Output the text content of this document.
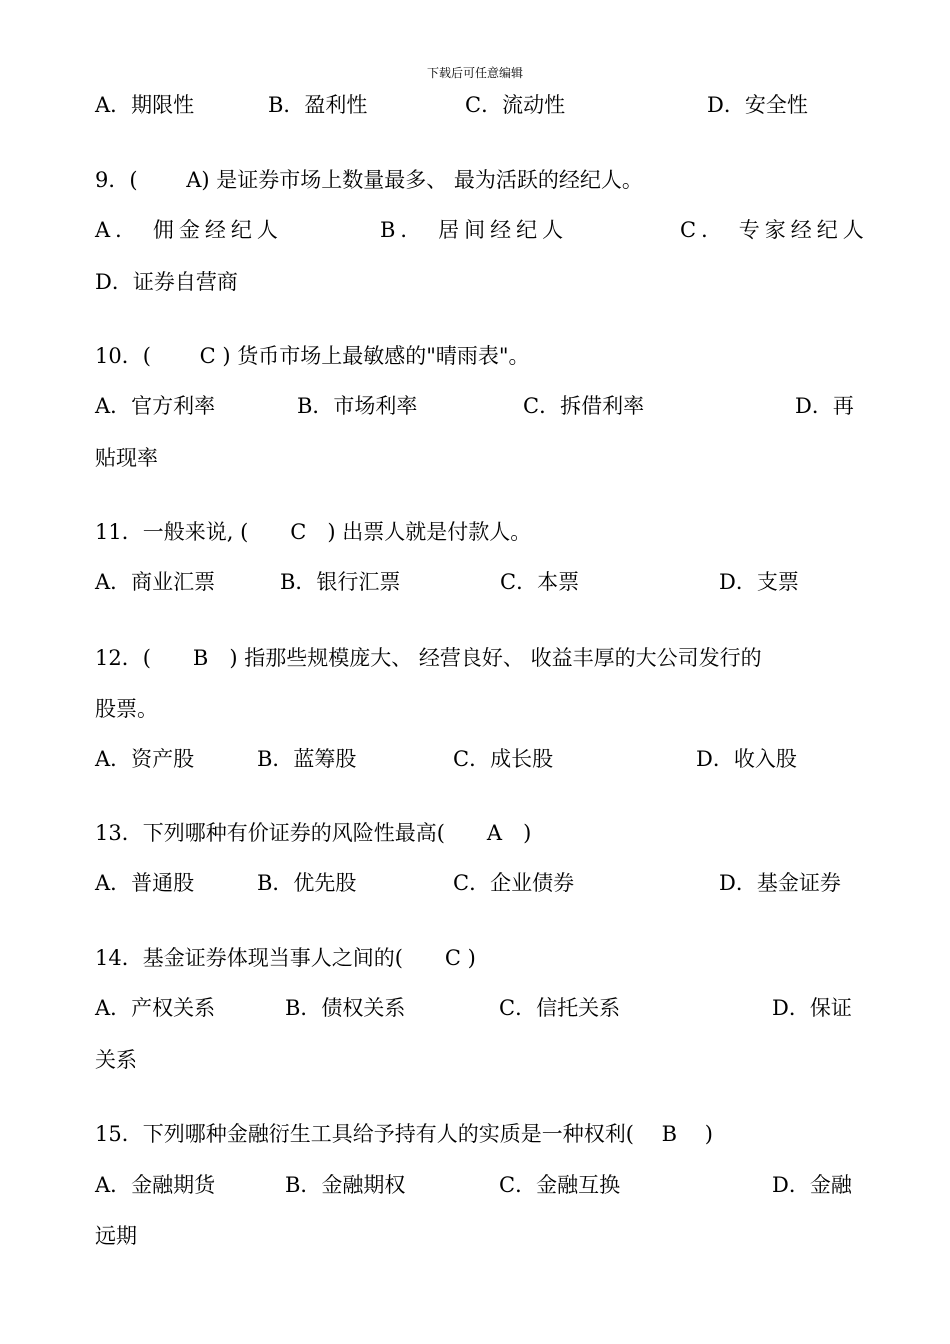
下载后可任意编辑
A．期限性	B．盈利性	C．流动性	D．安全性
9．(　　 A) 是证券市场上数量最多、 最为活跃的经纪人。
A． 佣金经纪人	B． 居间经纪人	C． 专家经纪人
D．证券自营商
10．(　 　C ) 货币市场上最敏感的"晴雨表"。
A．官方利率	B．市场利率	C．拆借利率	D．再
贴现率
11．一般来说, (　　C　) 出票人就是付款人。
A．商业汇票	B．银行汇票	C．本票	D．支票
12．(　　B　) 指那些规模庞大、 经营良好、 收益丰厚的大公司发行的
股票。
A．资产股	B．蓝筹股	C．成长股	D．收入股
13．下列哪种有价证券的风险性最高(　　A　)
A．普通股	B．优先股	C．企业债券	D．基金证券
14．基金证券体现当事人之间的(　　C )
A．产权关系	B．债权关系	C．信托关系	D．保证
关系
15．下列哪种金融衍生工具给予持有人的实质是一种权利(　 B　 )
A．金融期货	B．金融期权	C．金融互换	D．金融
远期
